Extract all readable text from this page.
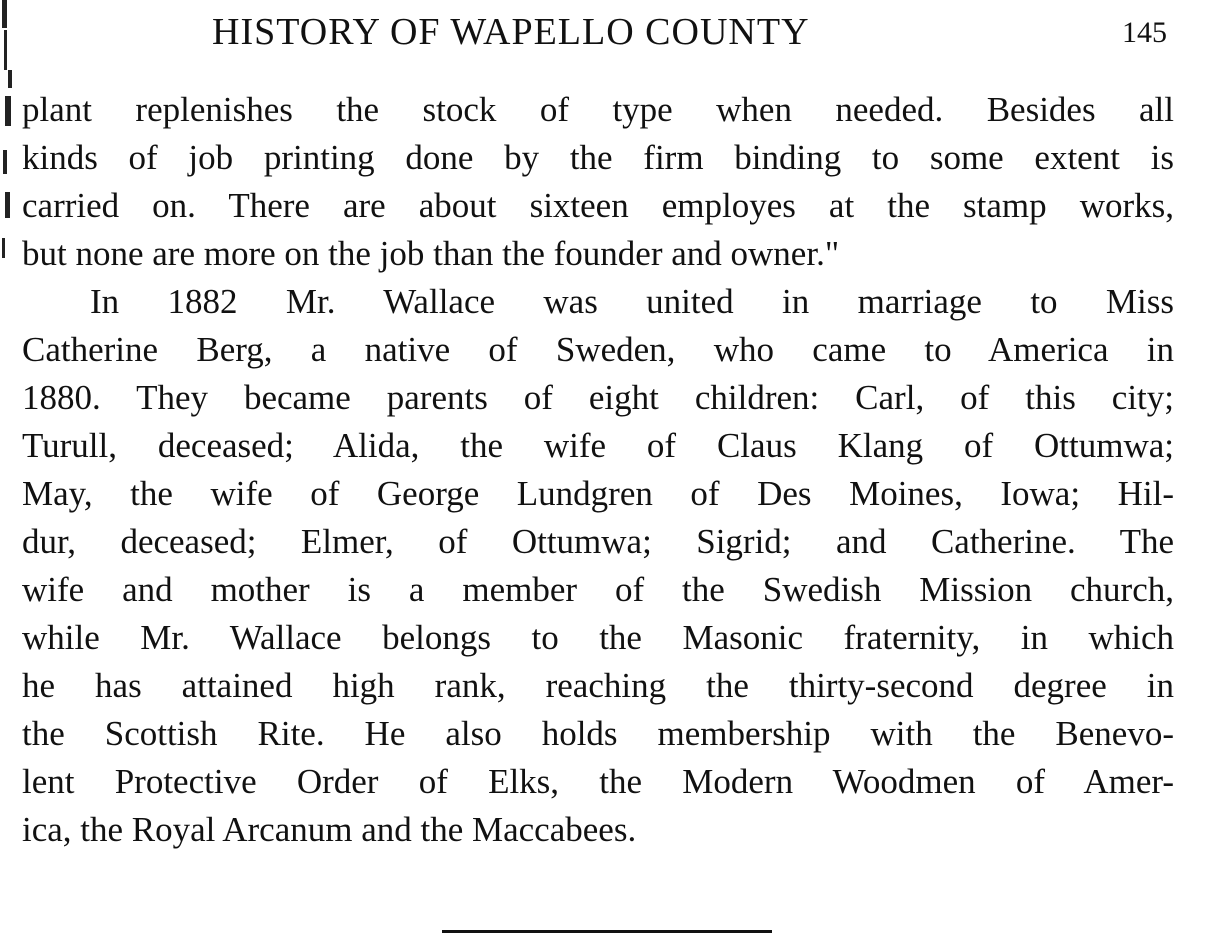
HISTORY OF WAPELLO COUNTY	145
plant replenishes the stock of type when needed. Besides all
kinds of job printing done by the firm binding to some extent is
carried on. There are about sixteen employes at the stamp works,
but none are more on the job than the founder and owner."
In 1882 Mr. Wallace was united in marriage to Miss
Catherine Berg, a native of Sweden, who came to America in
1880. They became parents of eight children: Carl, of this city;
Turull, deceased; Alida, the wife of Claus Klang of Ottumwa;
May, the wife of George Lundgren of Des Moines, Iowa; Hil-
dur, deceased; Elmer, of Ottumwa; Sigrid; and Catherine. The
wife and mother is a member of the Swedish Mission church,
while Mr. Wallace belongs to the Masonic fraternity, in which
he has attained high rank, reaching the thirty-second degree in
the Scottish Rite. He also holds membership with the Benevo-
lent Protective Order of Elks, the Modern Woodmen of Amer-
ica, the Royal Arcanum and the Maccabees.
